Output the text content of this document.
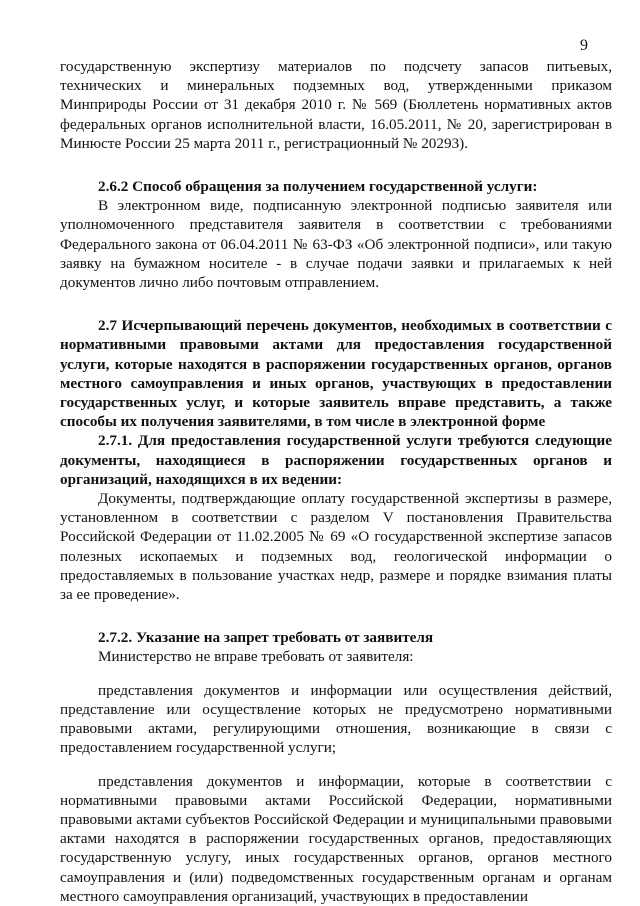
9

государственную экспертизу материалов по подсчету запасов питьевых, технических и минеральных подземных вод, утвержденными приказом Минприроды России от 31 декабря 2010 г. № 569 (Бюллетень нормативных актов федеральных органов исполнительной власти, 16.05.2011, № 20, зарегистрирован в Минюсте России 25 марта 2011 г., регистрационный № 20293).

2.6.2 Способ обращения за получением государственной услуги:

В электронном виде, подписанную электронной подписью заявителя или уполномоченного представителя заявителя в соответствии с требованиями Федерального закона от 06.04.2011 № 63-ФЗ «Об электронной подписи», или такую заявку на бумажном носителе - в случае подачи заявки и прилагаемых к ней документов лично либо почтовым отправлением.

2.7 Исчерпывающий перечень документов, необходимых в соответствии с нормативными правовыми актами для предоставления государственной услуги, которые находятся в распоряжении государственных органов, органов местного самоуправления и иных органов, участвующих в предоставлении государственных услуг, и которые заявитель вправе представить, а также способы их получения заявителями, в том числе в электронной форме

2.7.1. Для предоставления государственной услуги требуются следующие документы, находящиеся в распоряжении государственных органов и организаций, находящихся в их ведении:

Документы, подтверждающие оплату государственной экспертизы в размере, установленном в соответствии с разделом V постановления Правительства Российской Федерации от 11.02.2005 № 69 «О государственной экспертизе запасов полезных ископаемых и подземных вод, геологической информации о предоставляемых в пользование участках недр, размере и порядке взимания платы за ее проведение».

2.7.2. Указание на запрет требовать от заявителя

Министерство не вправе требовать от заявителя:

представления документов и информации или осуществления действий, представление или осуществление которых не предусмотрено нормативными правовыми актами, регулирующими отношения, возникающие в связи с предоставлением государственной услуги;

представления документов и информации, которые в соответствии с нормативными правовыми актами Российской Федерации, нормативными правовыми актами субъектов Российской Федерации и муниципальными правовыми актами находятся в распоряжении государственных органов, предоставляющих государственную услугу, иных государственных органов, органов местного самоуправления и (или) подведомственных государственным органам и органам местного самоуправления организаций, участвующих в предоставлении
